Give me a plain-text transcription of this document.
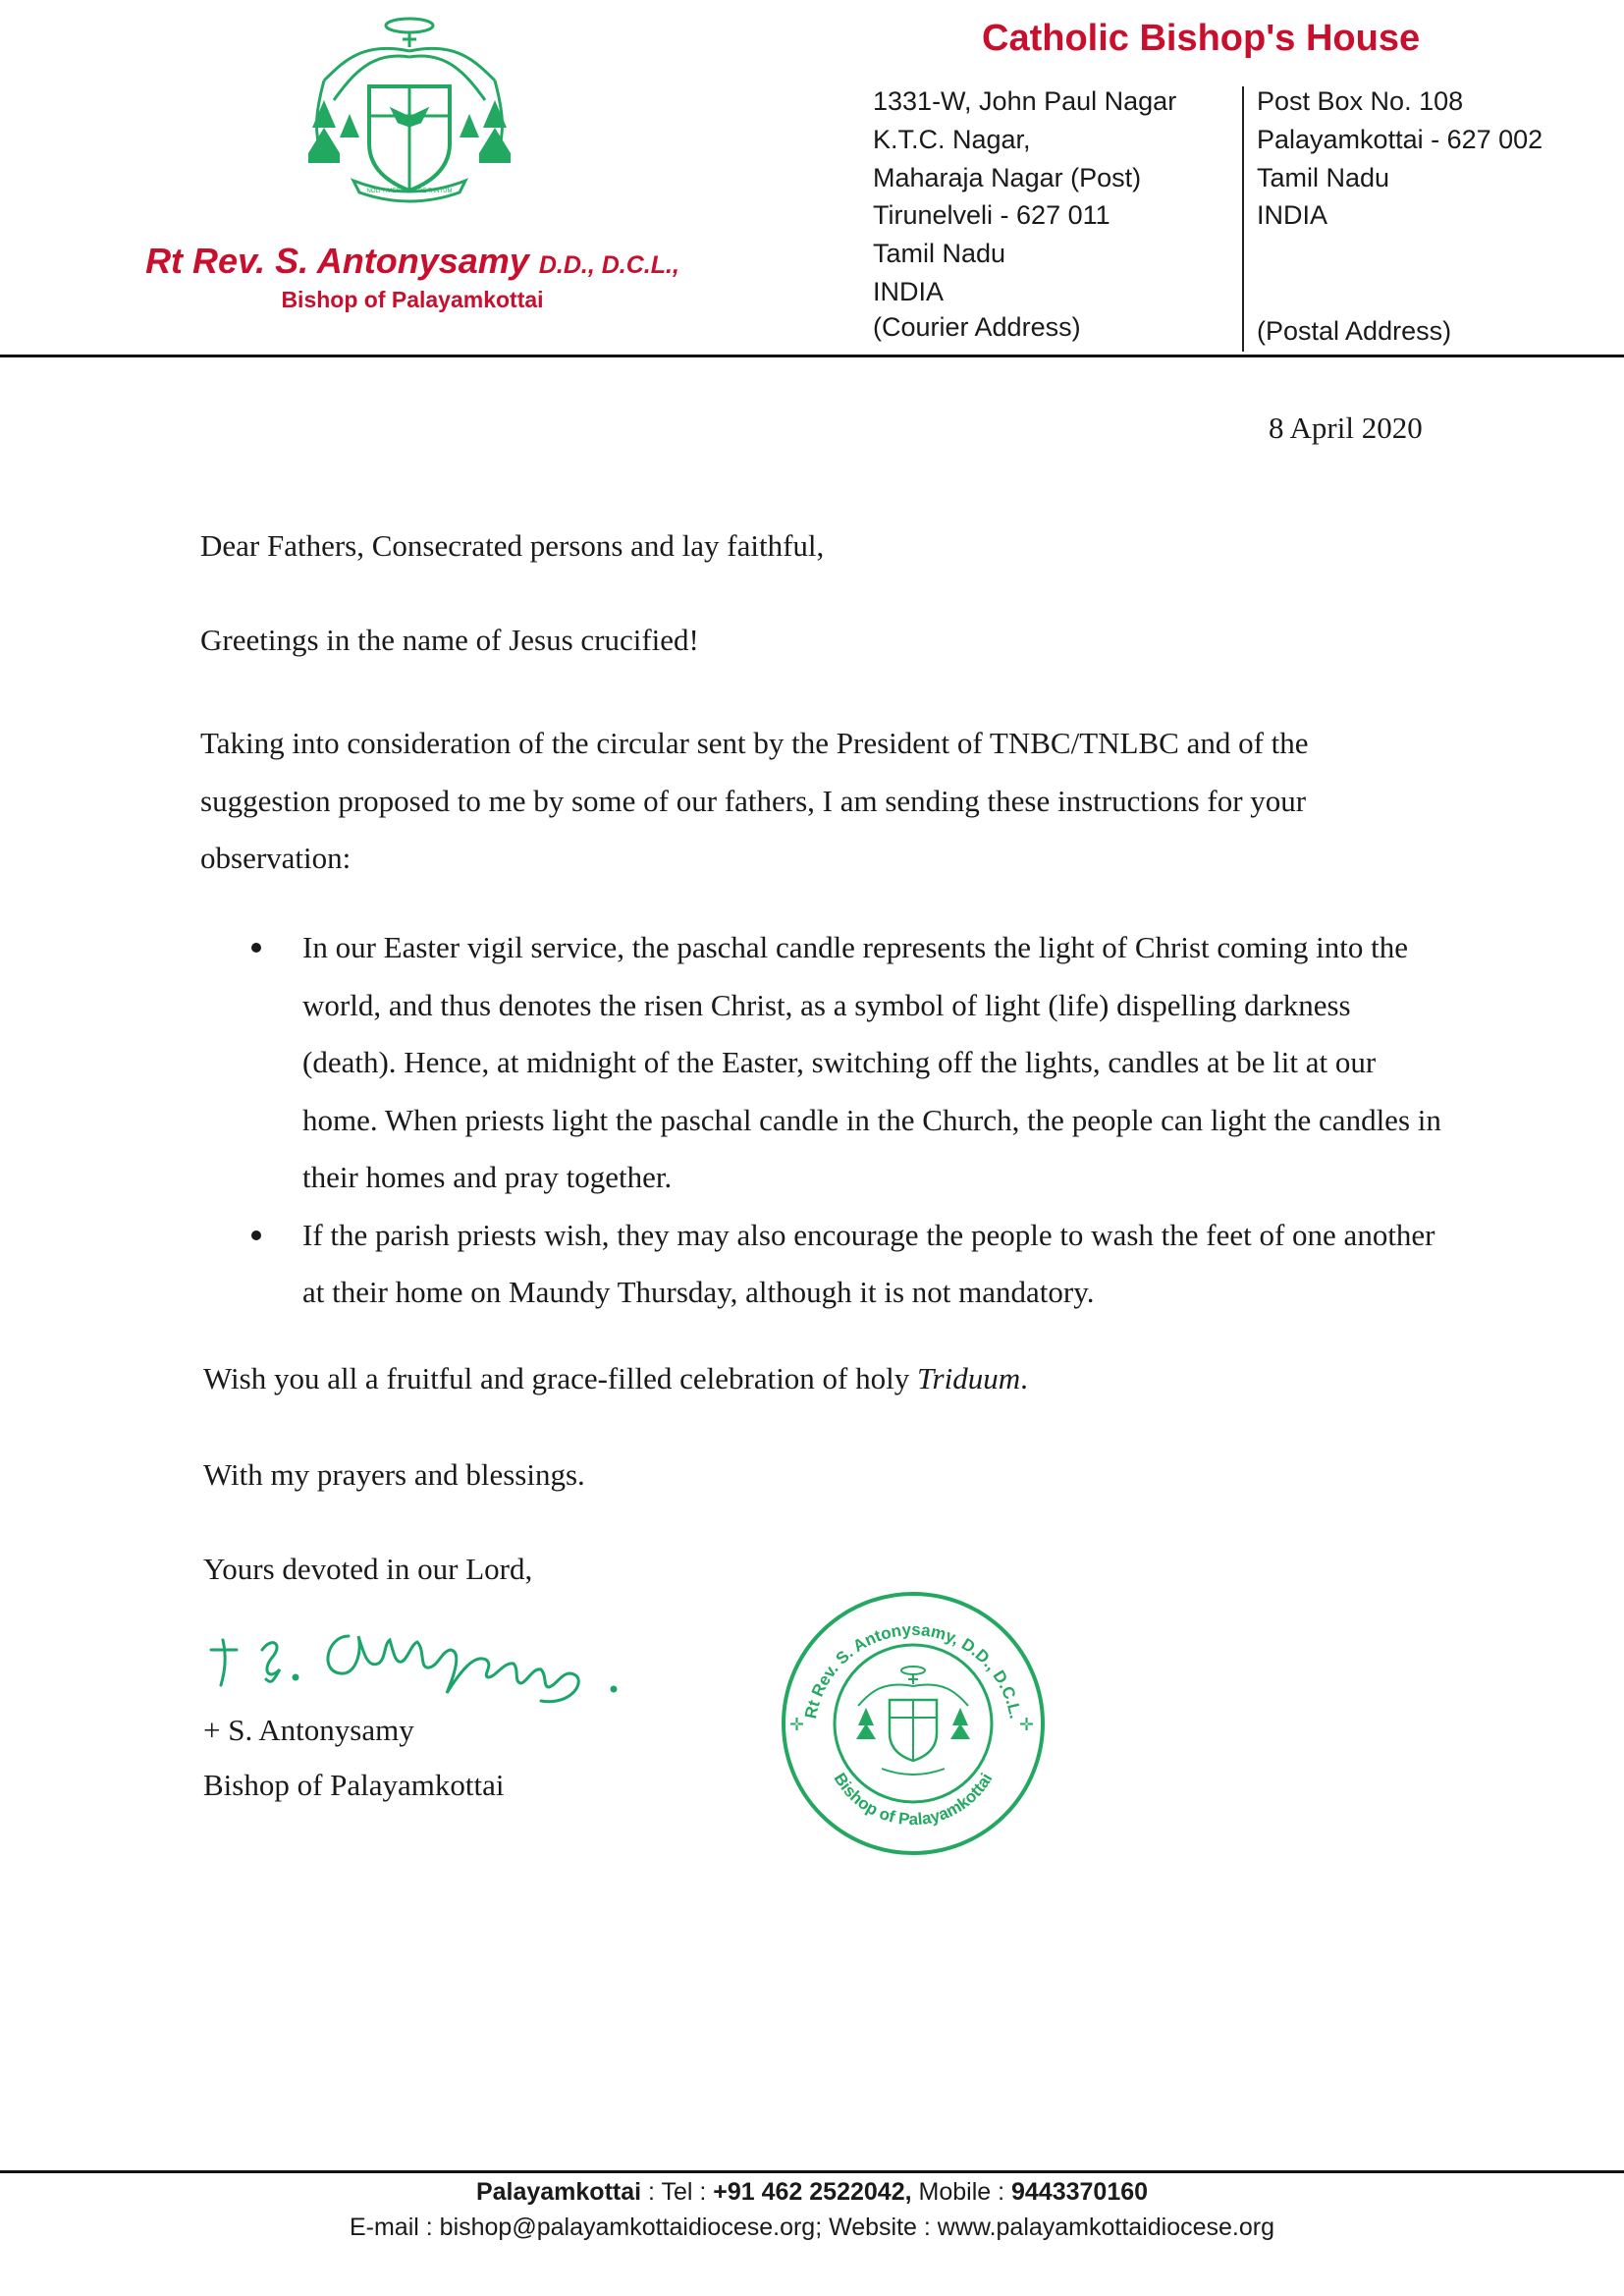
NOLI TIMERE CREDE TANTUM
Rt Rev. S. Antonysamy D.D., D.C.L.,
Bishop of Palayamkottai
Catholic Bishop's House
1331-W, John Paul Nagar
K.T.C. Nagar,
Maharaja Nagar (Post)
Tirunelveli - 627 011
Tamil Nadu
INDIA
(Courier Address)
Post Box No. 108
Palayamkottai - 627 002
Tamil Nadu
INDIA
(Postal Address)
8 April 2020
Dear Fathers, Consecrated persons and lay faithful,
Greetings in the name of Jesus crucified!
Taking into consideration of the circular sent by the President of TNBC/TNLBC and of the suggestion proposed to me by some of our fathers, I am sending these instructions for your observation:
In our Easter vigil service, the paschal candle represents the light of Christ coming into the world, and thus denotes the risen Christ, as a symbol of light (life) dispelling darkness (death). Hence, at midnight of the Easter, switching off the lights, candles at be lit at our home. When priests light the paschal candle in the Church, the people can light the candles in their homes and pray together.
If the parish priests wish, they may also encourage the people to wash the feet of one another at their home on Maundy Thursday, although it is not mandatory.
Wish you all a fruitful and grace-filled celebration of holy Triduum.
With my prayers and blessings.
Yours devoted in our Lord,
+ S. Antonysamy
Bishop of Palayamkottai
Rt Rev. S. Antonysamy, D.D., D.C.L.
Bishop of Palayamkottai
✛	✛
Palayamkottai : Tel : +91 462 2522042, Mobile : 9443370160
E-mail : bishop@palayamkottaidiocese.org; Website : www.palayamkottaidiocese.org
